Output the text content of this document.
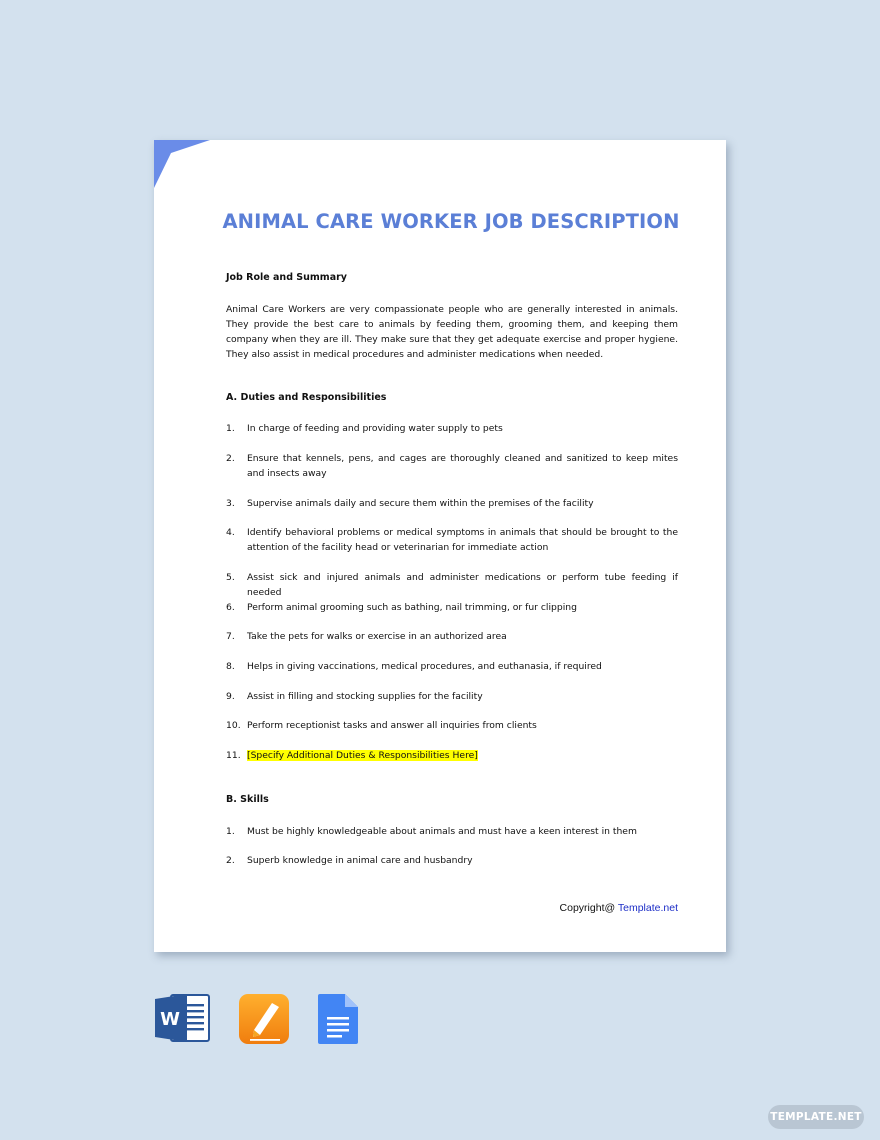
ANIMAL CARE WORKER JOB DESCRIPTION
Job Role and Summary
Animal Care Workers are very compassionate people who are generally interested in animals. They provide the best care to animals by feeding them, grooming them, and keeping them company when they are ill. They make sure that they get adequate exercise and proper hygiene. They also assist in medical procedures and administer medications when needed.
A. Duties and Responsibilities
1. In charge of feeding and providing water supply to pets
2. Ensure that kennels, pens, and cages are thoroughly cleaned and sanitized to keep mites and insects away
3. Supervise animals daily and secure them within the premises of the facility
4. Identify behavioral problems or medical symptoms in animals that should be brought to the attention of the facility head or veterinarian for immediate action
5. Assist sick and injured animals and administer medications or perform tube feeding if needed
6. Perform animal grooming such as bathing, nail trimming, or fur clipping
7. Take the pets for walks or exercise in an authorized area
8. Helps in giving vaccinations, medical procedures, and euthanasia, if required
9. Assist in filling and stocking supplies for the facility
10. Perform receptionist tasks and answer all inquiries from clients
11. [Specify Additional Duties & Responsibilities Here]
B. Skills
1. Must be highly knowledgeable about animals and must have a keen interest in them
2. Superb knowledge in animal care and husbandry
Copyright@ Template.net
W
TEMPLATE.NET
